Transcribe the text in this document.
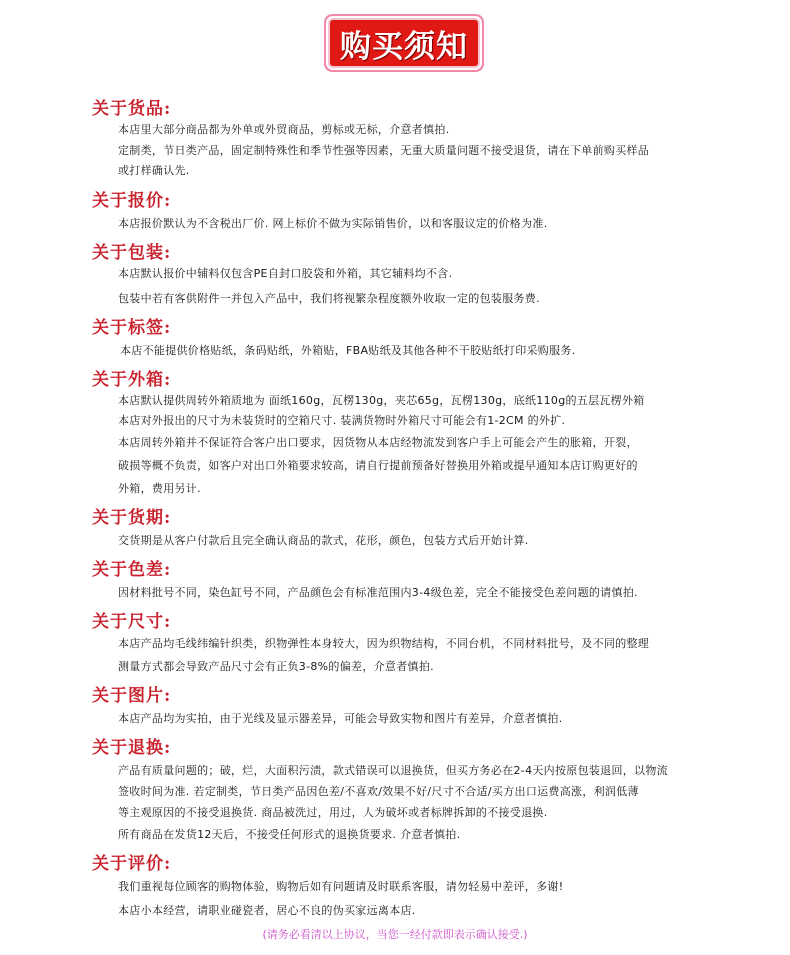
购买须知
关于货品:
本店里大部分商品都为外单或外贸商品，剪标或无标，介意者慎拍.
定制类，节日类产品，固定制特殊性和季节性强等因素，无重大质量问题不接受退货，请在下单前购买样品
或打样确认先.
关于报价:
本店报价默认为不含税出厂价. 网上标价不做为实际销售价，以和客服议定的价格为准.
关于包装:
本店默认报价中辅料仅包含PE自封口胶袋和外箱，其它辅料均不含.
包装中若有客供附件一并包入产品中，我们将视繁杂程度额外收取一定的包装服务费.
关于标签:
本店不能提供价格贴纸，条码贴纸，外箱贴，FBA贴纸及其他各种不干胶贴纸打印采购服务.
关于外箱:
本店默认提供周转外箱质地为 面纸160g，瓦楞130g，夹芯65g，瓦楞130g，底纸110g的五层瓦楞外箱
本店对外报出的尺寸为未装货时的空箱尺寸. 装满货物时外箱尺寸可能会有1-2CM 的外扩.
本店周转外箱并不保证符合客户出口要求，因货物从本店经物流发到客户手上可能会产生的胀箱，开裂，
破损等概不负责，如客户对出口外箱要求较高，请自行提前预备好替换用外箱或提早通知本店订购更好的
外箱，费用另计.
关于货期:
交货期是从客户付款后且完全确认商品的款式，花形，颜色，包装方式后开始计算.
关于色差:
因材料批号不同，染色缸号不同，产品颜色会有标准范围内3-4级色差，完全不能接受色差问题的请慎拍.
关于尺寸:
本店产品均毛线纬编针织类，织物弹性本身较大，因为织物结构，不同台机，不同材料批号，及不同的整理
测量方式都会导致产品尺寸会有正负3-8%的偏差，介意者慎拍.
关于图片:
本店产品均为实拍，由于光线及显示器差异，可能会导致实物和图片有差异，介意者慎拍.
关于退换:
产品有质量问题的；破，烂，大面积污渍，款式错误可以退换货，但买方务必在2-4天内按原包装退回，以物流
签收时间为准. 若定制类，节日类产品因色差/不喜欢/效果不好/尺寸不合适/买方出口运费高涨，利润低薄
等主观原因的不接受退换货. 商品被洗过，用过，人为破坏或者标牌拆卸的不接受退换.
所有商品在发货12天后，不接受任何形式的退换货要求. 介意者慎拍.
关于评价:
我们重视每位顾客的购物体验，购物后如有问题请及时联系客服，请勿轻易中差评，多谢!
本店小本经营，请职业碰瓷者，居心不良的伪买家远离本店.
(请务必看清以上协议，当您一经付款即表示确认接受.)
